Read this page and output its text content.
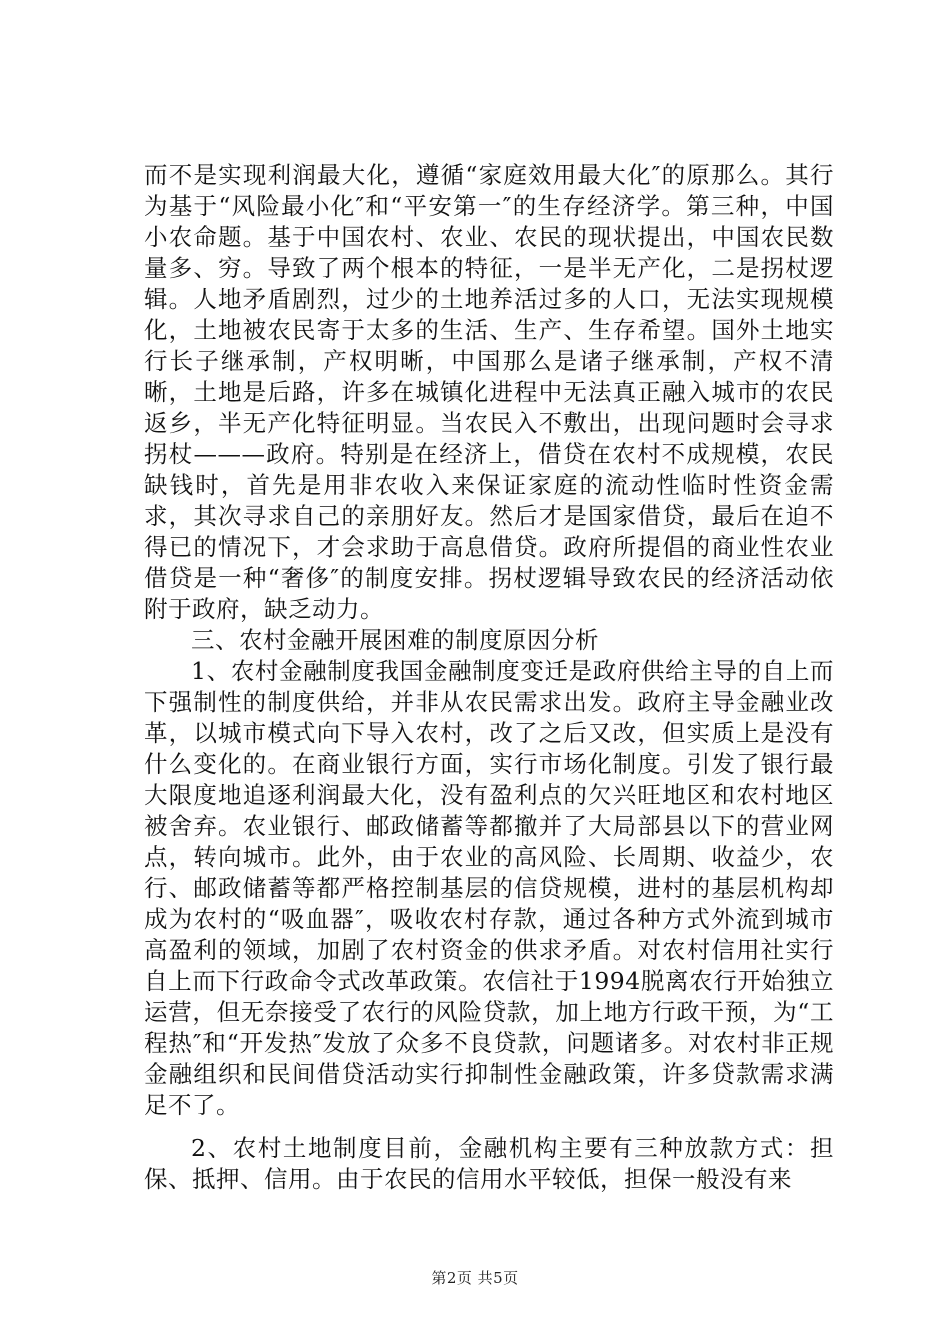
而不是实现利润最大化，遵循“家庭效用最大化″的原那么。其行为基于“风险最小化″和“平安第一″的生存经济学。第三种，中国小农命题。基于中国农村、农业、农民的现状提出，中国农民数量多、穷。导致了两个根本的特征，一是半无产化，二是拐杖逻辑。人地矛盾剧烈，过少的土地养活过多的人口，无法实现规模化，土地被农民寄于太多的生活、生产、生存希望。国外土地实行长子继承制，产权明晰，中国那么是诸子继承制，产权不清晰，土地是后路，许多在城镇化进程中无法真正融入城市的农民返乡，半无产化特征明显。当农民入不敷出，出现问题时会寻求拐杖———政府。特别是在经济上，借贷在农村不成规模，农民缺钱时，首先是用非农收入来保证家庭的流动性临时性资金需求，其次寻求自己的亲朋好友。然后才是国家借贷，最后在迫不得已的情况下，才会求助于高息借贷。政府所提倡的商业性农业借贷是一种“奢侈″的制度安排。拐杖逻辑导致农民的经济活动依附于政府，缺乏动力。

三、农村金融开展困难的制度原因分析

1、农村金融制度我国金融制度变迁是政府供给主导的自上而下强制性的制度供给，并非从农民需求出发。政府主导金融业改革，以城市模式向下导入农村，改了之后又改，但实质上是没有什么变化的。在商业银行方面，实行市场化制度。引发了银行最大限度地追逐利润最大化，没有盈利点的欠兴旺地区和农村地区被舍弃。农业银行、邮政储蓄等都撤并了大局部县以下的营业网点，转向城市。此外，由于农业的高风险、长周期、收益少，农行、邮政储蓄等都严格控制基层的信贷规模，进村的基层机构却成为农村的“吸血器″，吸收农村存款，通过各种方式外流到城市高盈利的领域，加剧了农村资金的供求矛盾。对农村信用社实行自上而下行政命令式改革政策。农信社于1994脱离农行开始独立运营，但无奈接受了农行的风险贷款，加上地方行政干预，为“工程热″和“开发热″发放了众多不良贷款，问题诸多。对农村非正规金融组织和民间借贷活动实行抑制性金融政策，许多贷款需求满足不了。

2、农村土地制度目前，金融机构主要有三种放款方式：担保、抵押、信用。由于农民的信用水平较低，担保一般没有来

第2页 共5页
